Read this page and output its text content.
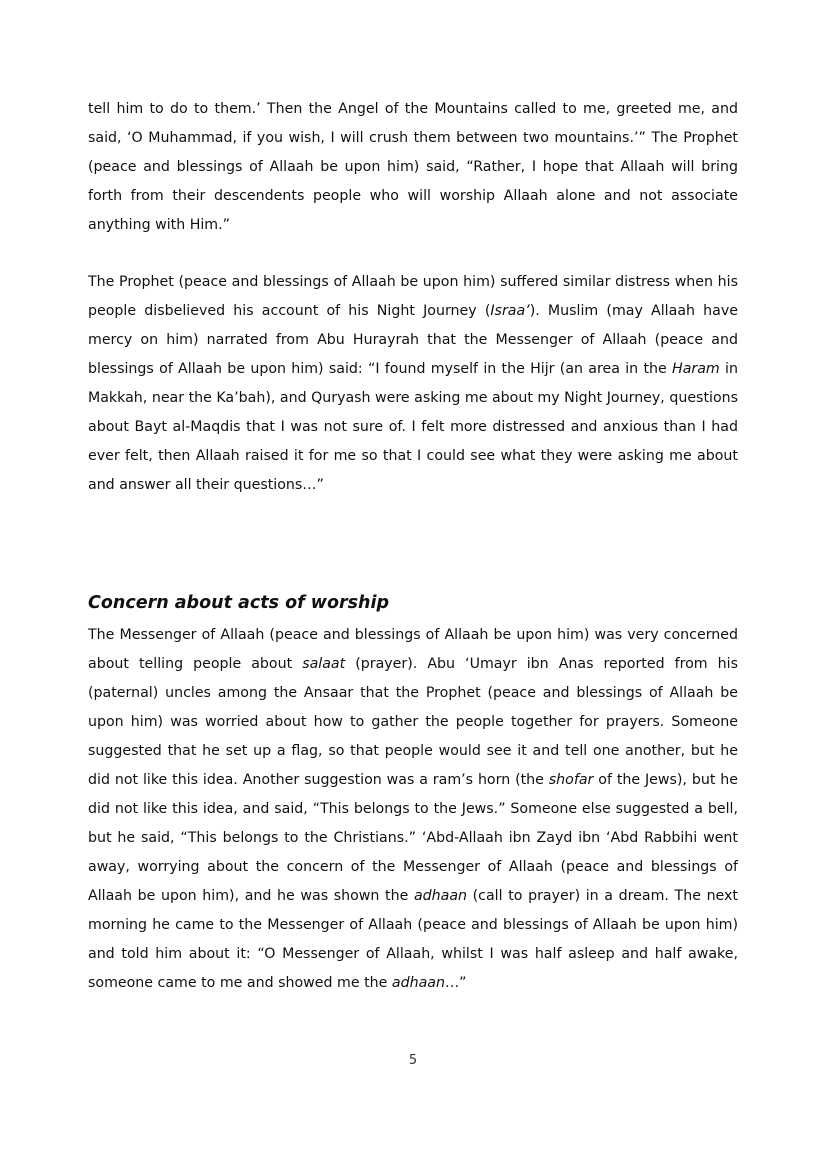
tell him to do to them.’ Then the Angel of the Mountains called to me, greeted me, and said, ‘O Muhammad, if you wish, I will crush them between two mountains.’” The Prophet (peace and blessings of Allaah be upon him) said, “Rather, I hope that Allaah will bring forth from their descendents people who will worship Allaah alone and not associate anything with Him.”

The Prophet (peace and blessings of Allaah be upon him) suffered similar distress when his people disbelieved his account of his Night Journey (Israa’). Muslim (may Allaah have mercy on him) narrated from Abu Hurayrah that the Messenger of Allaah (peace and blessings of Allaah be upon him) said: “I found myself in the Hijr (an area in the Haram in Makkah, near the Ka’bah), and Quryash were asking me about my Night Journey, questions about Bayt al-Maqdis that I was not sure of. I felt more distressed and anxious than I had ever felt, then Allaah raised it for me so that I could see what they were asking me about and answer all their questions…”

Concern about acts of worship

The Messenger of Allaah (peace and blessings of Allaah be upon him) was very concerned about telling people about salaat (prayer). Abu ‘Umayr ibn Anas reported from his (paternal) uncles among the Ansaar that the Prophet (peace and blessings of Allaah be upon him) was worried about how to gather the people together for prayers. Someone suggested that he set up a flag, so that people would see it and tell one another, but he did not like this idea. Another suggestion was a ram’s horn (the shofar of the Jews), but he did not like this idea, and said, “This belongs to the Jews.” Someone else suggested a bell, but he said, “This belongs to the Christians.” ‘Abd-Allaah ibn Zayd ibn ‘Abd Rabbihi went away, worrying about the concern of the Messenger of Allaah (peace and blessings of Allaah be upon him), and he was shown the adhaan (call to prayer) in a dream. The next morning he came to the Messenger of Allaah (peace and blessings of Allaah be upon him) and told him about it: “O Messenger of Allaah, whilst I was half asleep and half awake, someone came to me and showed me the adhaan…”

5
